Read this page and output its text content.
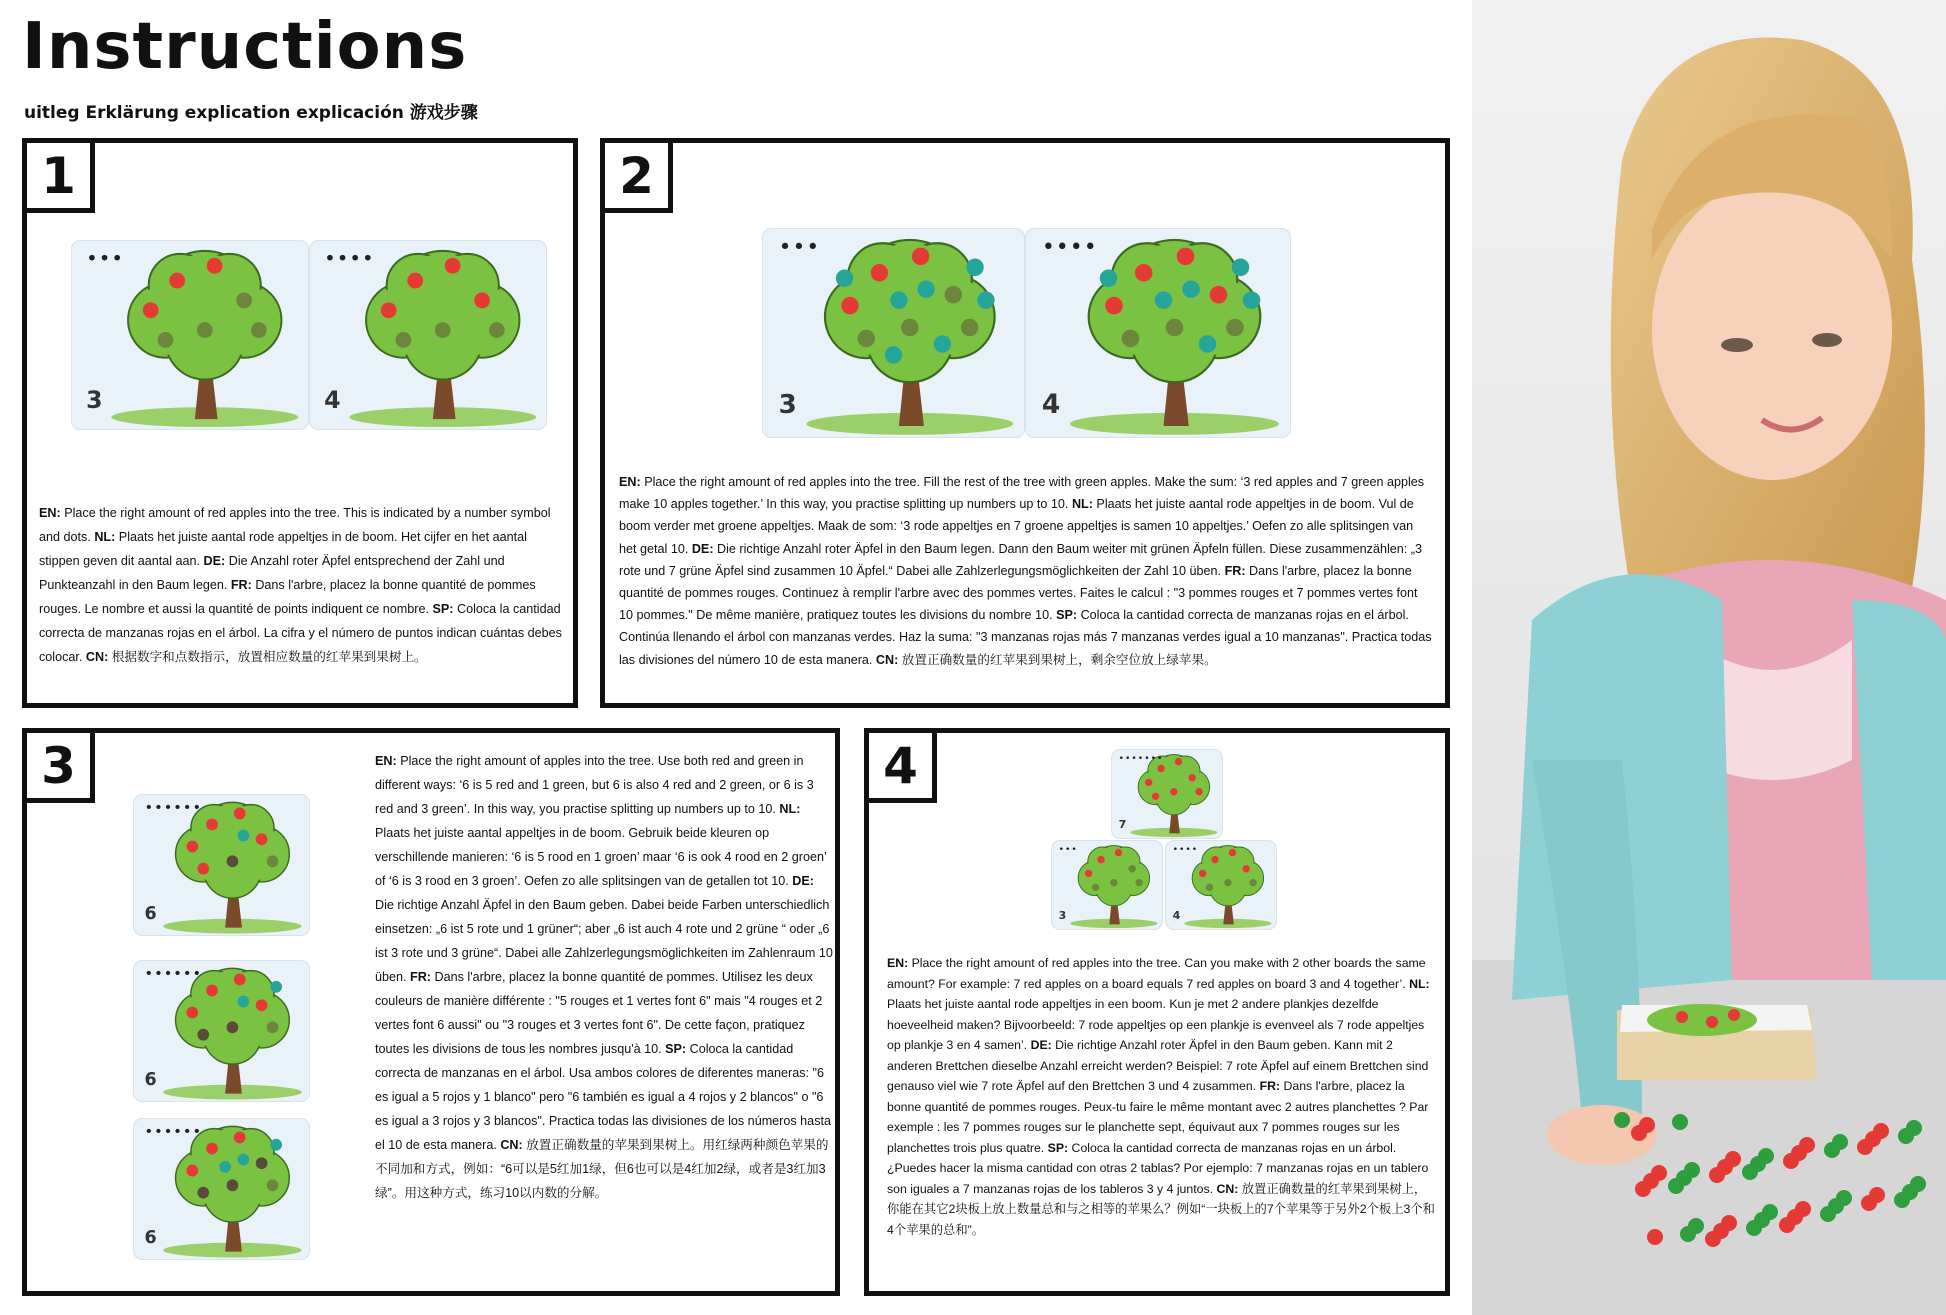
Instructions
uitleg Erklärung explication explicación 游戏步骤
1
•••
3
••••
4
EN: Place the right amount of red apples into the tree. This is indicated by a number symbol and dots. NL: Plaats het juiste aantal rode appeltjes in de boom. Het cijfer en het aantal stippen geven dit aantal aan. DE: Die Anzahl roter Äpfel entsprechend der Zahl und Punkteanzahl in den Baum legen. FR: Dans l'arbre, placez la bonne quantité de pommes rouges. Le nombre et aussi la quantité de points indiquent ce nombre. SP: Coloca la cantidad correcta de manzanas rojas en el árbol. La cifra y el número de puntos indican cuántas debes colocar. CN: 根据数字和点数指示，放置相应数量的红苹果到果树上。
2
•••
3
••••
4
EN: Place the right amount of red apples into the tree. Fill the rest of the tree with green apples. Make the sum: ‘3 red apples and 7 green apples make 10 apples together.’ In this way, you practise splitting up numbers up to 10. NL: Plaats het juiste aantal rode appeltjes in de boom. Vul de boom verder met groene appeltjes. Maak de som: ‘3 rode appeltjes en 7 groene appeltjes is samen 10 appeltjes.’ Oefen zo alle splitsingen van het getal 10. DE: Die richtige Anzahl roter Äpfel in den Baum legen. Dann den Baum weiter mit grünen Äpfeln füllen. Diese zusammenzählen: „3 rote und 7 grüne Äpfel sind zusammen 10 Äpfel.“ Dabei alle Zahlzerlegungsmöglichkeiten der Zahl 10 üben. FR: Dans l'arbre, placez la bonne quantité de pommes rouges. Continuez à remplir l'arbre avec des pommes vertes. Faites le calcul : "3 pommes rouges et 7 pommes vertes font 10 pommes." De même manière, pratiquez toutes les divisions du nombre 10. SP: Coloca la cantidad correcta de manzanas rojas en el árbol. Continúa llenando el árbol con manzanas verdes. Haz la suma: "3 manzanas rojas más 7 manzanas verdes igual a 10 manzanas". Practica todas las divisiones del número 10 de esta manera. CN: 放置正确数量的红苹果到果树上，剩余空位放上绿苹果。
3
••••••
6
••••••
6
••••••
6
EN: Place the right amount of apples into the tree. Use both red and green in different ways: ‘6 is 5 red and 1 green, but 6 is also 4 red and 2 green, or 6 is 3 red and 3 green’. In this way, you practise splitting up numbers up to 10. NL: Plaats het juiste aantal appeltjes in de boom. Gebruik beide kleuren op verschillende manieren: ‘6 is 5 rood en 1 groen’ maar ‘6 is ook 4 rood en 2 groen’ of ‘6 is 3 rood en 3 groen’. Oefen zo alle splitsingen van de getallen tot 10. DE: Die richtige Anzahl Äpfel in den Baum geben. Dabei beide Farben unterschiedlich einsetzen: „6 ist 5 rote und 1 grüner“; aber „6 ist auch 4 rote und 2 grüne “ oder „6 ist 3 rote und 3 grüne“. Dabei alle Zahlzerlegungsmöglichkeiten im Zahlenraum 10 üben. FR: Dans l'arbre, placez la bonne quantité de pommes. Utilisez les deux couleurs de manière différente : "5 rouges et 1 vertes font 6" mais "4 rouges et 2 vertes font 6 aussi" ou "3 rouges et 3 vertes font 6". De cette façon, pratiquez toutes les divisions de tous les nombres jusqu'à 10. SP: Coloca la cantidad correcta de manzanas en el árbol. Usa ambos colores de diferentes maneras: "6 es igual a 5 rojos y 1 blanco" pero "6 también es igual a 4 rojos y 2 blancos" o "6 es igual a 3 rojos y 3 blancos". Practica todas las divisiones de los números hasta el 10 de esta manera. CN: 放置正确数量的苹果到果树上。用红绿两种颜色苹果的不同加和方式，例如：“6可以是5红加1绿，但6也可以是4红加2绿，或者是3红加3绿”。用这种方式，练习10以内数的分解。
4	•••••••
7
•••
3
••••
4
EN: Place the right amount of red apples into the tree. Can you make with 2 other boards the same amount? For example: 7 red apples on a board equals 7 red apples on board 3 and 4 together’. NL: Plaats het juiste aantal rode appeltjes in een boom. Kun je met 2 andere plankjes dezelfde hoeveelheid maken? Bijvoorbeeld: 7 rode appeltjes op een plankje is evenveel als 7 rode appeltjes op plankje 3 en 4 samen’. DE: Die richtige Anzahl roter Äpfel in den Baum geben. Kann mit 2 anderen Brettchen dieselbe Anzahl erreicht werden? Beispiel: 7 rote Äpfel auf einem Brettchen sind genauso viel wie 7 rote Äpfel auf den Brettchen 3 und 4 zusammen. FR: Dans l'arbre, placez la bonne quantité de pommes rouges. Peux-tu faire le même montant avec 2 autres planchettes ? Par exemple : les 7 pommes rouges sur le planchette sept, équivaut aux 7 pommes rouges sur les planchettes trois plus quatre. SP: Coloca la cantidad correcta de manzanas rojas en un árbol. ¿Puedes hacer la misma cantidad con otras 2 tablas? Por ejemplo: 7 manzanas rojas en un tablero son iguales a 7 manzanas rojas de los tableros 3 y 4 juntos. CN: 放置正确数量的红苹果到果树上，你能在其它2块板上放上数量总和与之相等的苹果么？例如“一块板上的7个苹果等于另外2个板上3个和4个苹果的总和”。
